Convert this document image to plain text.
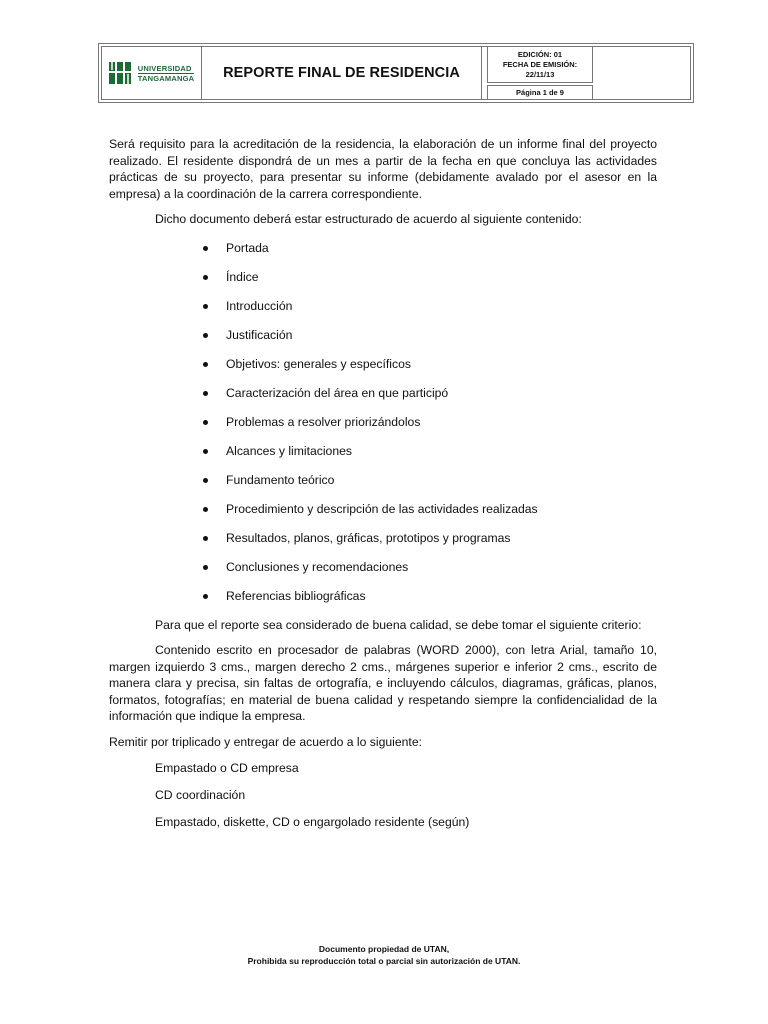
UNIVERSIDAD
TANGAMANGA REPORTE FINAL DE RESIDENCIA
EDICIÓN: 01
FECHA DE EMISIÓN:
22/11/13
Página 1 de 9

Será requisito para la acreditación de la residencia, la elaboración de un informe final del proyecto realizado. El residente dispondrá de un mes a partir de la fecha en que concluya las actividades prácticas de su proyecto, para presentar su informe (debidamente avalado por el asesor en la empresa) a la coordinación de la carrera correspondiente.

Dicho documento deberá estar estructurado de acuerdo al siguiente contenido:

Portada
Índice
Introducción
Justificación
Objetivos: generales y específicos
Caracterización del área en que participó
Problemas a resolver priorizándolos
Alcances y limitaciones
Fundamento teórico
Procedimiento y descripción de las actividades realizadas
Resultados, planos, gráficas, prototipos y programas
Conclusiones y recomendaciones
Referencias bibliográficas

Para que el reporte sea considerado de buena calidad, se debe tomar el siguiente criterio:

Contenido escrito en procesador de palabras (WORD 2000), con letra Arial, tamaño 10, margen izquierdo 3 cms., margen derecho 2 cms., márgenes superior e inferior 2 cms., escrito de manera clara y precisa, sin faltas de ortografía, e incluyendo cálculos, diagramas, gráficas, planos, formatos, fotografías; en material de buena calidad y respetando siempre la confidencialidad de la información que indique la empresa.

Remitir por triplicado y entregar de acuerdo a lo siguiente:

Empastado o CD empresa

CD coordinación

Empastado, diskette, CD o engargolado residente (según)

Documento propiedad de UTAN,
Prohibida su reproducción total o parcial sin autorización de UTAN.
